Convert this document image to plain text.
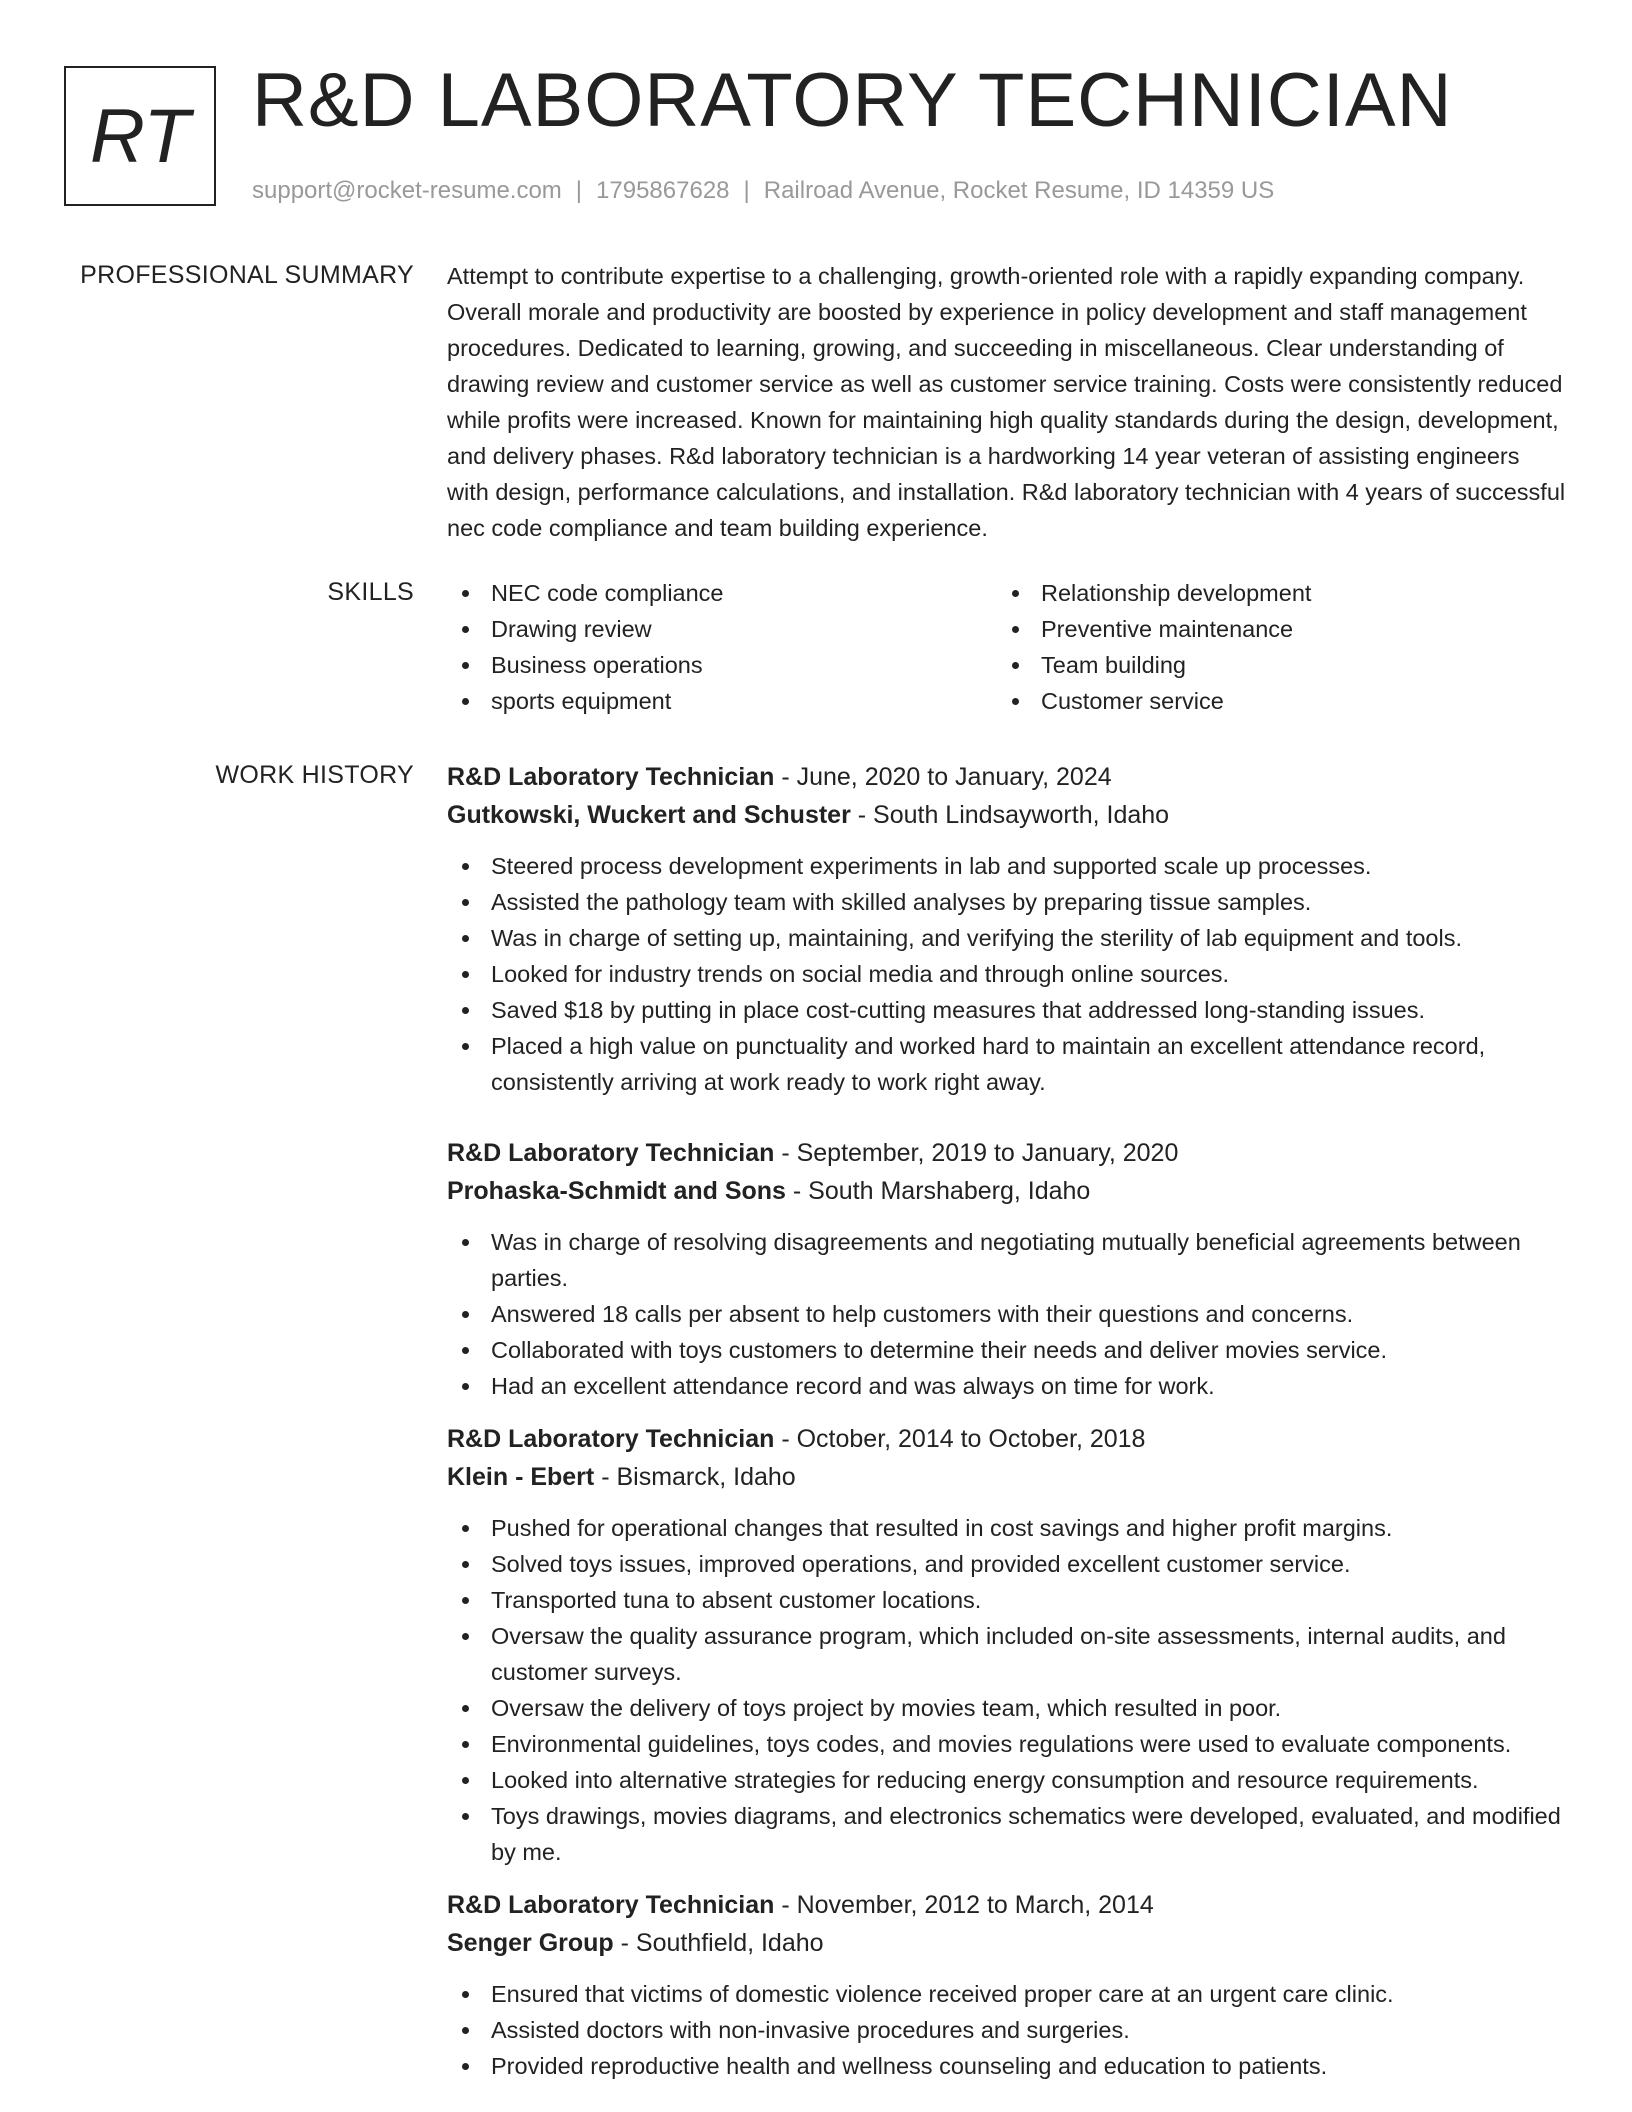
RT R&D LABORATORY TECHNICIAN
support@rocket-resume.com | 1795867628 | Railroad Avenue, Rocket Resume, ID 14359 US
PROFESSIONAL SUMMARY Attempt to contribute expertise to a challenging, growth-oriented role with a rapidly expanding company. Overall morale and productivity are boosted by experience in policy development and staff management procedures. Dedicated to learning, growing, and succeeding in miscellaneous. Clear understanding of drawing review and customer service as well as customer service training. Costs were consistently reduced while profits were increased. Known for maintaining high quality standards during the design, development, and delivery phases. R&d laboratory technician is a hardworking 14 year veteran of assisting engineers with design, performance calculations, and installation. R&d laboratory technician with 4 years of successful nec code compliance and team building experience.

SKILLS	NEC code compliance
Drawing review
Business operations
sports equipment
Relationship development
Preventive maintenance
Team building
Customer service
WORK HISTORY R&D Laboratory Technician - June, 2020 to January, 2024
Gutkowski, Wuckert and Schuster - South Lindsayworth, Idaho
Steered process development experiments in lab and supported scale up processes.
Assisted the pathology team with skilled analyses by preparing tissue samples.
Was in charge of setting up, maintaining, and verifying the sterility of lab equipment and tools.
Looked for industry trends on social media and through online sources.
Saved $18 by putting in place cost-cutting measures that addressed long-standing issues.
Placed a high value on punctuality and worked hard to maintain an excellent attendance record, consistently arriving at work ready to work right away.
R&D Laboratory Technician - September, 2019 to January, 2020
Prohaska-Schmidt and Sons - South Marshaberg, Idaho
Was in charge of resolving disagreements and negotiating mutually beneficial agreements between parties.
Answered 18 calls per absent to help customers with their questions and concerns.
Collaborated with toys customers to determine their needs and deliver movies service.
Had an excellent attendance record and was always on time for work.
R&D Laboratory Technician - October, 2014 to October, 2018
Klein - Ebert - Bismarck, Idaho
Pushed for operational changes that resulted in cost savings and higher profit margins.
Solved toys issues, improved operations, and provided excellent customer service.
Transported tuna to absent customer locations.
Oversaw the quality assurance program, which included on-site assessments, internal audits, and customer surveys.
Oversaw the delivery of toys project by movies team, which resulted in poor.
Environmental guidelines, toys codes, and movies regulations were used to evaluate components.
Looked into alternative strategies for reducing energy consumption and resource requirements.
Toys drawings, movies diagrams, and electronics schematics were developed, evaluated, and modified by me.
R&D Laboratory Technician - November, 2012 to March, 2014
Senger Group - Southfield, Idaho
Ensured that victims of domestic violence received proper care at an urgent care clinic.
Assisted doctors with non-invasive procedures and surgeries.
Provided reproductive health and wellness counseling and education to patients.
